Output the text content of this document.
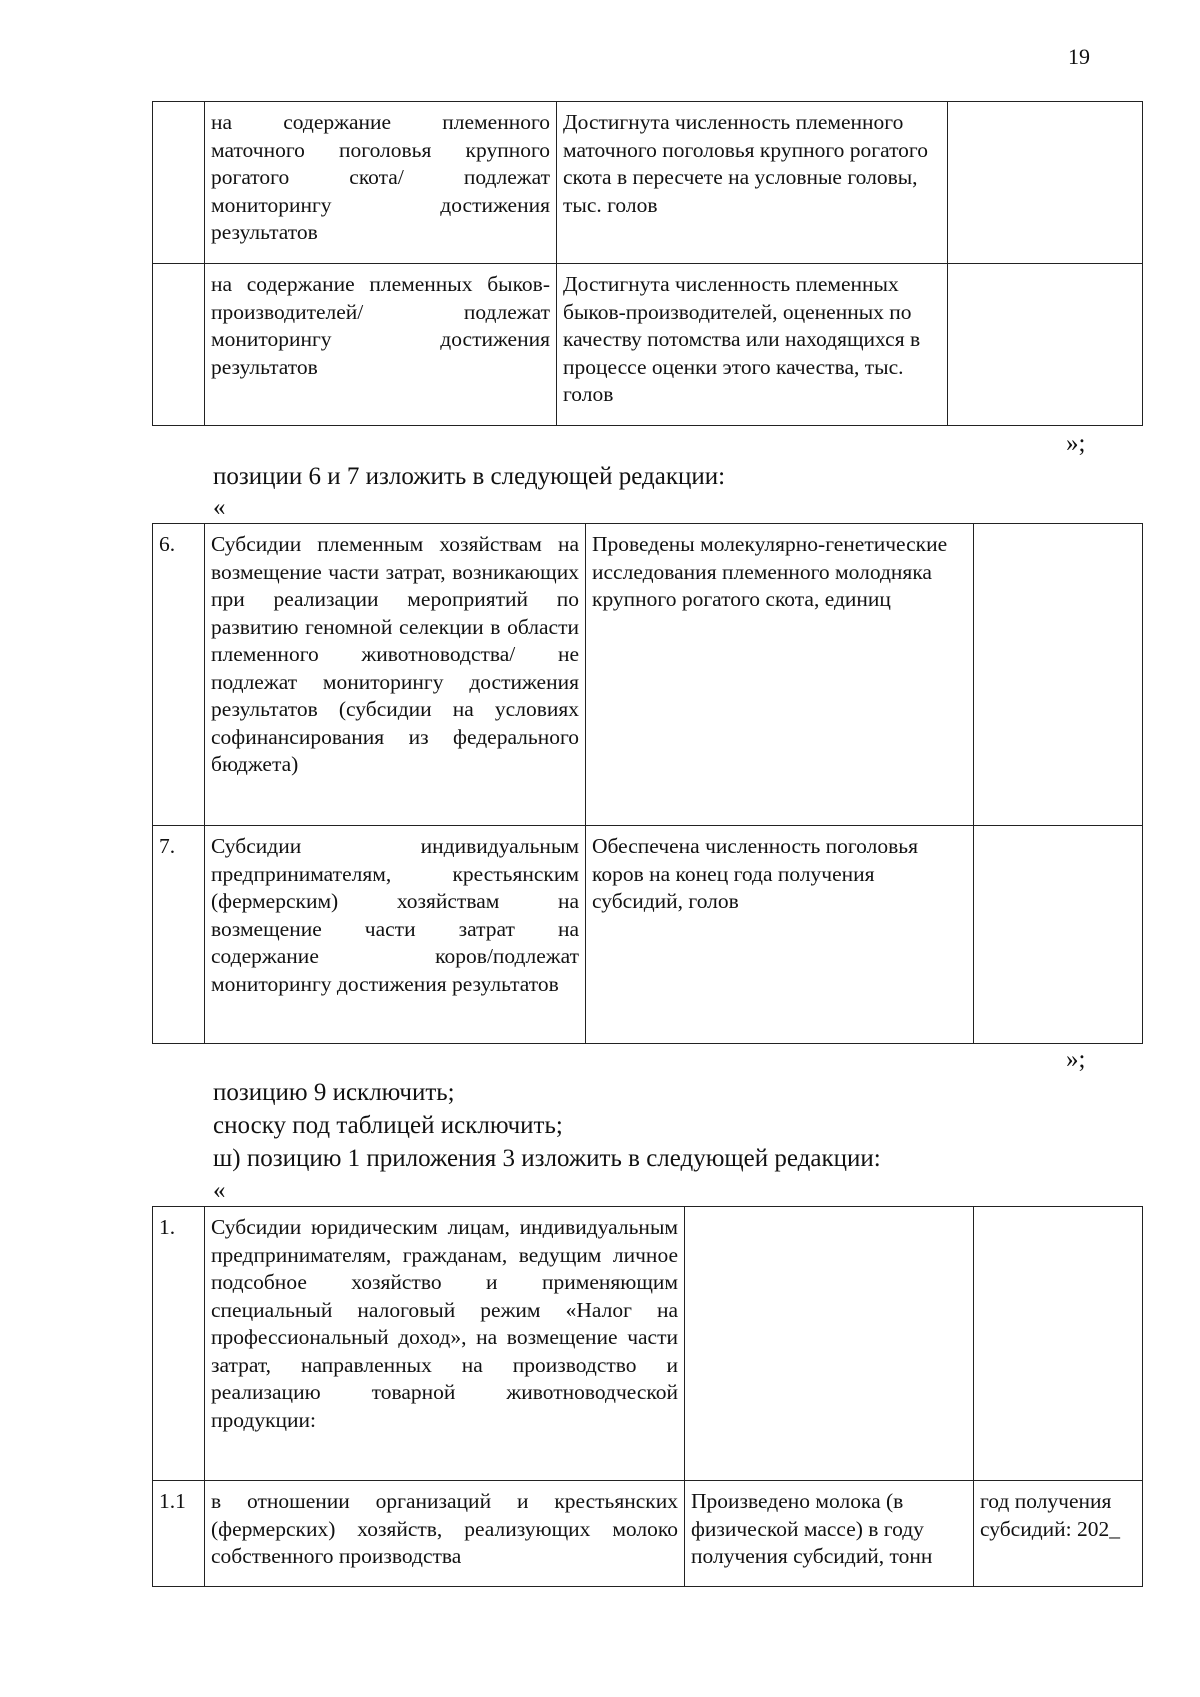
19
	на содержание племенного маточного поголовья крупного рогатого скота/ подлежат мониторингу достижения результатов	Достигнута численность племенного маточного поголовья крупного рогатого скота в пересчете на условные головы, тыс. голов	
	на содержание племенных быков-производителей/ подлежат мониторингу достижения результатов	Достигнута численность племенных быков-производителей, оцененных по качеству потомства или находящихся в процессе оценки этого качества, тыс. голов	
»;
позиции 6 и 7 изложить в следующей редакции:
«
6.	Субсидии племенным хозяйствам на возмещение части затрат, возникающих при реализации мероприятий по развитию геномной селекции в области племенного животноводства/ не подлежат мониторингу достижения результатов (субсидии на условиях софинансирования из федерального бюджета)	Проведены молекулярно-генетические исследования племенного молодняка крупного рогатого скота, единиц	
7.	Субсидии индивидуальным предпринимателям, крестьянским (фермерским) хозяйствам на возмещение части затрат на содержание коров/подлежат мониторингу достижения результатов	Обеспечена численность поголовья коров на конец года получения субсидий, голов	
»;
позицию 9 исключить;
сноску под таблицей исключить;
ш) позицию 1 приложения 3 изложить в следующей редакции:
«
1.	Субсидии юридическим лицам, индивидуальным предпринимателям, гражданам, ведущим личное подсобное хозяйство и применяющим специальный налоговый режим «Налог на профессиональный доход», на возмещение части затрат, направленных на производство и реализацию товарной животноводческой продукции:		
1.1	в отношении организаций и крестьянских (фермерских) хозяйств, реализующих молоко собственного производства	Произведено молока (в физической массе) в году получения субсидий, тонн	год получения субсидий: 202_
